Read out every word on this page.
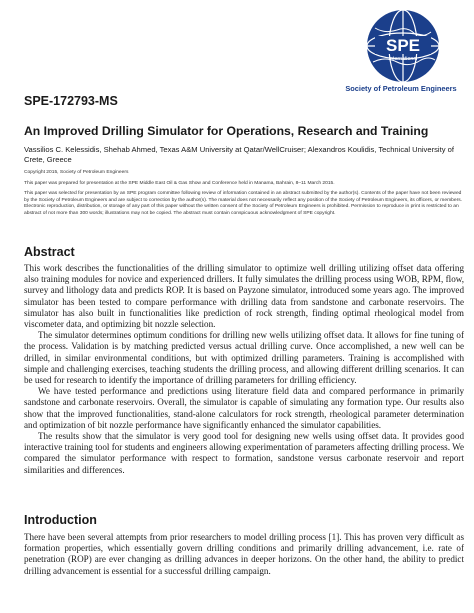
SPE
International
Society of Petroleum Engineers
SPE-172793-MS
An Improved Drilling Simulator for Operations, Research and Training
Vassilios C. Kelessidis, Shehab Ahmed, Texas A&M University at Qatar/WellCruiser; Alexandros Koulidis, Technical University of Crete, Greece
Copyright 2015, Society of Petroleum Engineers
This paper was prepared for presentation at the SPE Middle East Oil & Gas Show and Conference held in Manama, Bahrain, 8–11 March 2015.
This paper was selected for presentation by an SPE program committee following review of information contained in an abstract submitted by the author(s). Contents of the paper have not been reviewed by the Society of Petroleum Engineers and are subject to correction by the author(s). The material does not necessarily reflect any position of the Society of Petroleum Engineers, its officers, or members. Electronic reproduction, distribution, or storage of any part of this paper without the written consent of the Society of Petroleum Engineers is prohibited. Permission to reproduce in print is restricted to an abstract of not more than 300 words; illustrations may not be copied. The abstract must contain conspicuous acknowledgment of SPE copyright.
Abstract

This work describes the functionalities of the drilling simulator to optimize well drilling utilizing offset data offering also training modules for novice and experienced drillers. It fully simulates the drilling process using WOB, RPM, flow, survey and lithology data and predicts ROP. It is based on Payzone simulator, introduced some years ago. The improved simulator has been tested to compare performance with drilling data from sandstone and carbonate reservoirs. The simulator has also built in functionalities like prediction of rock strength, finding optimal rheological model from viscometer data, and optimizing bit nozzle selection.

The simulator determines optimum conditions for drilling new wells utilizing offset data. It allows for fine tuning of the process. Validation is by matching predicted versus actual drilling curve. Once accomplished, a new well can be drilled, in similar environmental conditions, but with optimized drilling parameters. Training is accomplished with simple and challenging exercises, teaching students the drilling process, and allowing different drilling scenarios. It can be used for research to identify the importance of drilling parameters for drilling efficiency.

We have tested performance and predictions using literature field data and compared performance in primarily sandstone and carbonate reservoirs. Overall, the simulator is capable of simulating any formation type. Our results also show that the improved functionalities, stand-alone calculators for rock strength, rheological parameter determination and optimization of bit nozzle performance have significantly enhanced the simulator capabilities.

The results show that the simulator is very good tool for designing new wells using offset data. It provides good interactive training tool for students and engineers allowing experimentation of parameters affecting drilling process. We compared the simulator performance with respect to formation, sandstone versus carbonate reservoir and report similarities and differences.

Introduction

There have been several attempts from prior researchers to model drilling process [1]. This has proven very difficult as formation properties, which essentially govern drilling conditions and primarily drilling advancement, i.e. rate of penetration (ROP) are ever changing as drilling advances in deeper horizons. On the other hand, the ability to predict drilling advancement is essential for a successful drilling campaign.
